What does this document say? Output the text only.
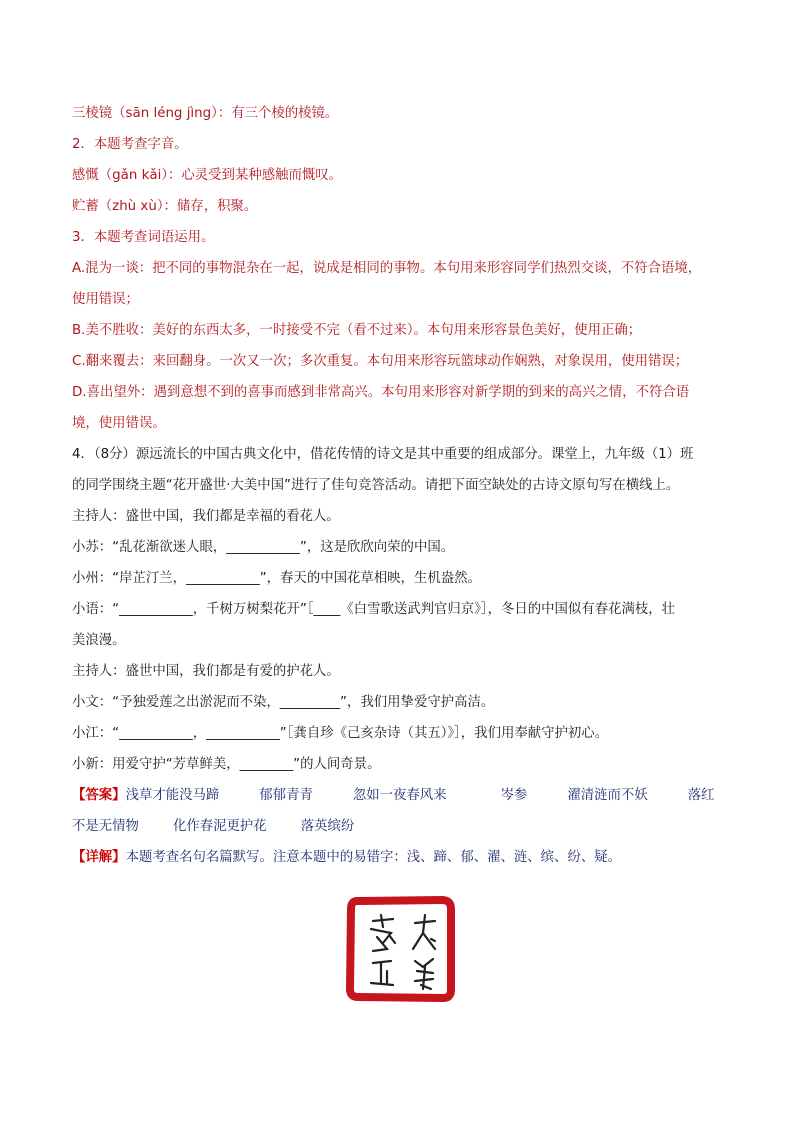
三棱镜（sān léng jìng）：有三个棱的棱镜。
2．本题考查字音。
感慨（gǎn kǎi）：心灵受到某种感触而慨叹。
贮蓄（zhù xù）：储存，积聚。
3．本题考查词语运用。
A.混为一谈：把不同的事物混杂在一起，说成是相同的事物。本句用来形容同学们热烈交谈，不符合语境，
使用错误；
B.美不胜收：美好的东西太多，一时接受不完（看不过来）。本句用来形容景色美好，使用正确；
C.翻来覆去：来回翻身。一次又一次；多次重复。本句用来形容玩篮球动作娴熟，对象误用，使用错误；
D.喜出望外：遇到意想不到的喜事而感到非常高兴。本句用来形容对新学期的到来的高兴之情，不符合语
境，使用错误。
4．（8分）源远流长的中国古典文化中，借花传情的诗文是其中重要的组成部分。课堂上，九年级（1）班
的同学围绕主题“花开盛世·大美中国”进行了佳句竞答活动。请把下面空缺处的古诗文原句写在横线上。
主持人：盛世中国，我们都是幸福的看花人。
小苏：“乱花渐欲迷人眼，___________”，这是欣欣向荣的中国。
小州：“岸芷汀兰，___________”，春天的中国花草相映，生机盎然。
小语：“___________，千树万树梨花开”［____《白雪歌送武判官归京》］，冬日的中国似有春花满枝，壮
美浪漫。
主持人：盛世中国，我们都是有爱的护花人。
小文：“予独爱莲之出淤泥而不染，_________”，我们用挚爱守护高洁。
小江：“___________，___________”［龚自珍《己亥杂诗（其五）》］，我们用奉献守护初心。
小新：用爱守护“芳草鲜美，________”的人间奇景。
【答案】浅草才能没马蹄	郁郁青青	忽如一夜春风来	岑参	濯清涟而不妖	落红
不是无情物	化作春泥更护花	落英缤纷
【详解】本题考查名句名篇默写。注意本题中的易错字：浅、蹄、郁、濯、涟、缤、纷、疑。
